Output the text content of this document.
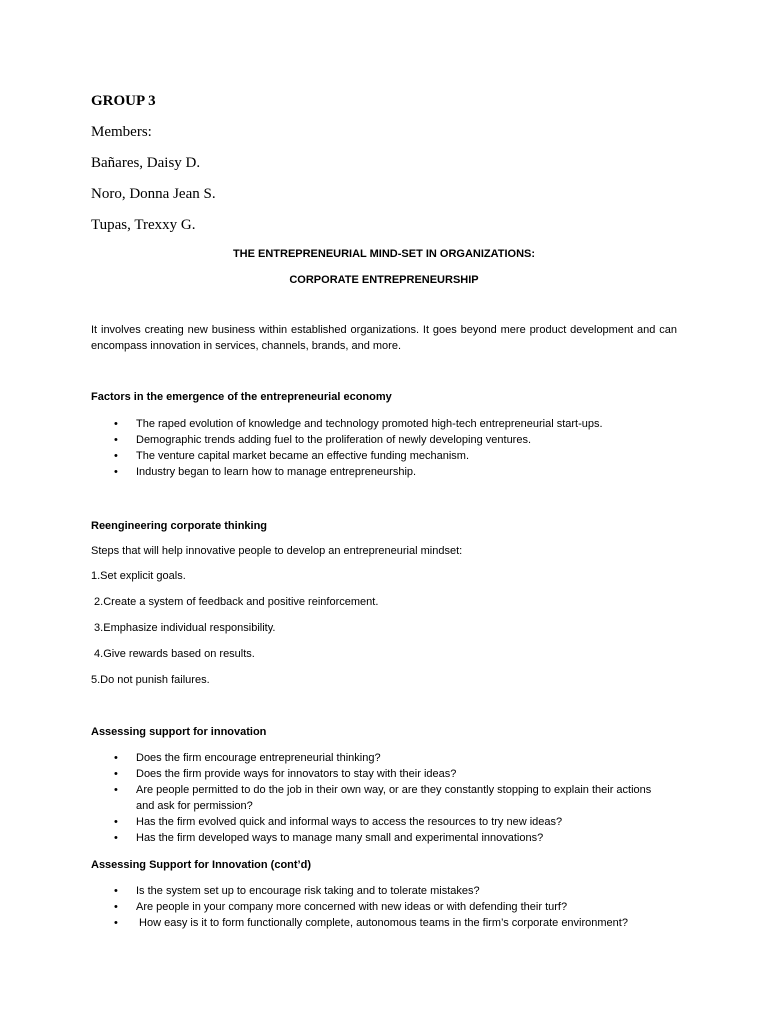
GROUP 3
Members:
Bañares, Daisy D.
Noro, Donna Jean S.
Tupas, Trexxy G.
THE ENTREPRENEURIAL MIND-SET IN ORGANIZATIONS:
CORPORATE ENTREPRENEURSHIP
It involves creating new business within established organizations. It goes beyond mere product development and can encompass innovation in services, channels, brands, and more.
Factors in the emergence of the entrepreneurial economy
• The raped evolution of knowledge and technology promoted high-tech entrepreneurial start-ups.
• Demographic trends adding fuel to the proliferation of newly developing ventures.
• The venture capital market became an effective funding mechanism.
• Industry began to learn how to manage entrepreneurship.
Reengineering corporate thinking
Steps that will help innovative people to develop an entrepreneurial mindset:
1.Set explicit goals.
2.Create a system of feedback and positive reinforcement.
3.Emphasize individual responsibility.
4.Give rewards based on results.
5.Do not punish failures.
Assessing support for innovation
• Does the firm encourage entrepreneurial thinking?
• Does the firm provide ways for innovators to stay with their ideas?
• Are people permitted to do the job in their own way, or are they constantly stopping to explain their actions and ask for permission?
• Has the firm evolved quick and informal ways to access the resources to try new ideas?
• Has the firm developed ways to manage many small and experimental innovations?
Assessing Support for Innovation (cont’d)
• Is the system set up to encourage risk taking and to tolerate mistakes?
• Are people in your company more concerned with new ideas or with defending their turf?
• How easy is it to form functionally complete, autonomous teams in the firm’s corporate environment?
